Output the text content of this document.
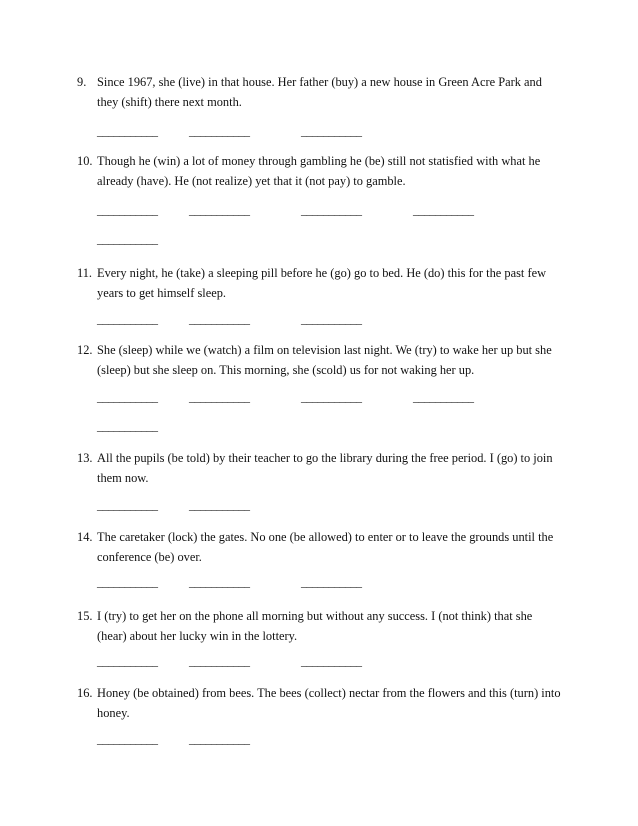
9. Since 1967, she (live) in that house. Her father (buy) a new house in Green Acre Park and they (shift) there next month.
___________	___________	___________
10. Though he (win) a lot of money through gambling he (be) still not statisfied with what he already (have). He (not realize) yet that it (not pay) to gamble.
___________	___________	___________	___________
___________
11. Every night, he (take) a sleeping pill before he (go) go to bed. He (do) this for the past few years to get himself sleep.
___________	___________	___________
12. She (sleep) while we (watch) a film on television last night. We (try) to wake her up but she (sleep) but she sleep on. This morning, she (scold) us for not waking her up.
___________	___________	___________	___________
___________
13. All the pupils (be told) by their teacher to go the library during the free period. I (go) to join them now.
___________	___________
14. The caretaker (lock) the gates. No one (be allowed) to enter or to leave the grounds until the conference (be) over.
___________	___________	___________
15. I (try) to get her on the phone all morning but without any success. I (not think) that she (hear) about her lucky win in the lottery.
___________	___________	___________
16. Honey (be obtained) from bees. The bees (collect) nectar from the flowers and this (turn) into honey.
___________	___________
